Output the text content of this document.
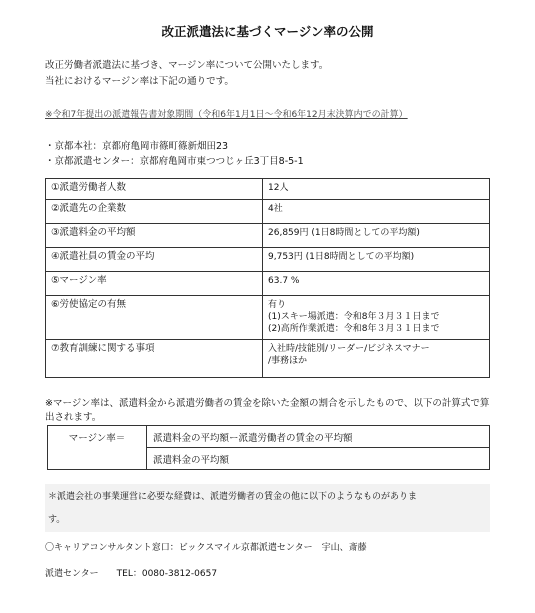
改正派遣法に基づくマージン率の公開
改正労働者派遣法に基づき、マージン率について公開いたします。
当社におけるマージン率は下記の通りです。
※令和7年提出の派遣報告書対象期間（令和6年1月1日～令和6年12月末決算内での計算）
・京都本社：京都府亀岡市篠町篠新畑田23
・京都派遣センター：京都府亀岡市東つつじヶ丘3丁目8-5-1
①派遣労働者人数	12人
②派遣先の企業数	4社
③派遣料金の平均額	26,859円 (1日8時間としての平均額)
④派遣社員の賃金の平均	9,753円 (1日8時間としての平均額)
⑤マージン率	63.7 %
⑥労使協定の有無	有り
(1)スキー場派遣：令和8年３月３１日まで
(2)高所作業派遣：令和8年３月３１日まで

⑦教育訓練に関する事項	入社時/技能別/リーダー/ビジネスマナー
/事務ほか
※マージン率は、派遣料金から派遣労働者の賃金を除いた金額の割合を示したもので、以下の計算式で算出されます。
マージン率＝	派遣料金の平均額ー派遣労働者の賃金の平均額
	派遣料金の平均額
＊派遣会社の事業運営に必要な経費は、派遣労働者の賃金の他に以下のようなものがありま
す。
〇キャリアコンサルタント窓口：ビックスマイル京都派遣センター　宇山、斎藤
派遣センター　　TEL：0080-3812-0657
